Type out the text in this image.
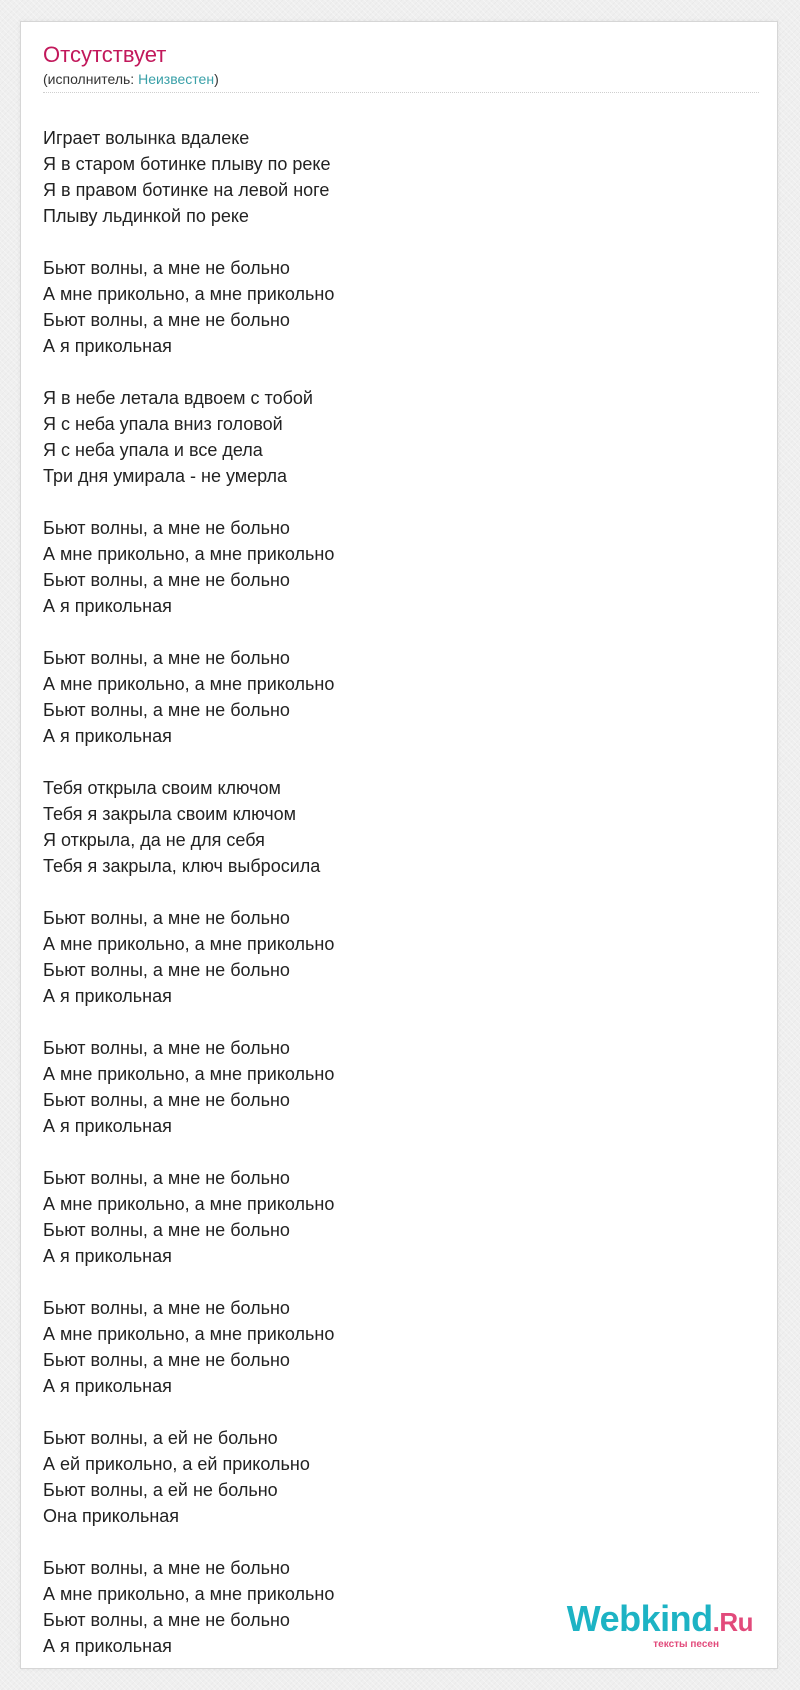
Отсутствует
(исполнитель: Неизвестен)
Играет волынка вдалеке
Я в старом ботинке плыву по реке
Я в правом ботинке на левой ноге
Плыву льдинкой по реке
Бьют волны, а мне не больно
А мне прикольно, а мне прикольно
Бьют волны, а мне не больно
А я прикольная
Я в небе летала вдвоем с тобой
Я с неба упала вниз головой
Я с неба упала и все дела
Три дня умирала - не умерла
Бьют волны, а мне не больно
А мне прикольно, а мне прикольно
Бьют волны, а мне не больно
А я прикольная
Бьют волны, а мне не больно
А мне прикольно, а мне прикольно
Бьют волны, а мне не больно
А я прикольная
Тебя открыла своим ключом
Тебя я закрыла своим ключом
Я открыла, да не для себя
Тебя я закрыла, ключ выбросила
Бьют волны, а мне не больно
А мне прикольно, а мне прикольно
Бьют волны, а мне не больно
А я прикольная
Бьют волны, а мне не больно
А мне прикольно, а мне прикольно
Бьют волны, а мне не больно
А я прикольная
Бьют волны, а мне не больно
А мне прикольно, а мне прикольно
Бьют волны, а мне не больно
А я прикольная
Бьют волны, а мне не больно
А мне прикольно, а мне прикольно
Бьют волны, а мне не больно
А я прикольная
Бьют волны, а ей не больно
А ей прикольно, а ей прикольно
Бьют волны, а ей не больно
Она прикольная
Бьют волны, а мне не больно
А мне прикольно, а мне прикольно
Бьют волны, а мне не больно
А я прикольная
Webkind.Ru
тексты песен
